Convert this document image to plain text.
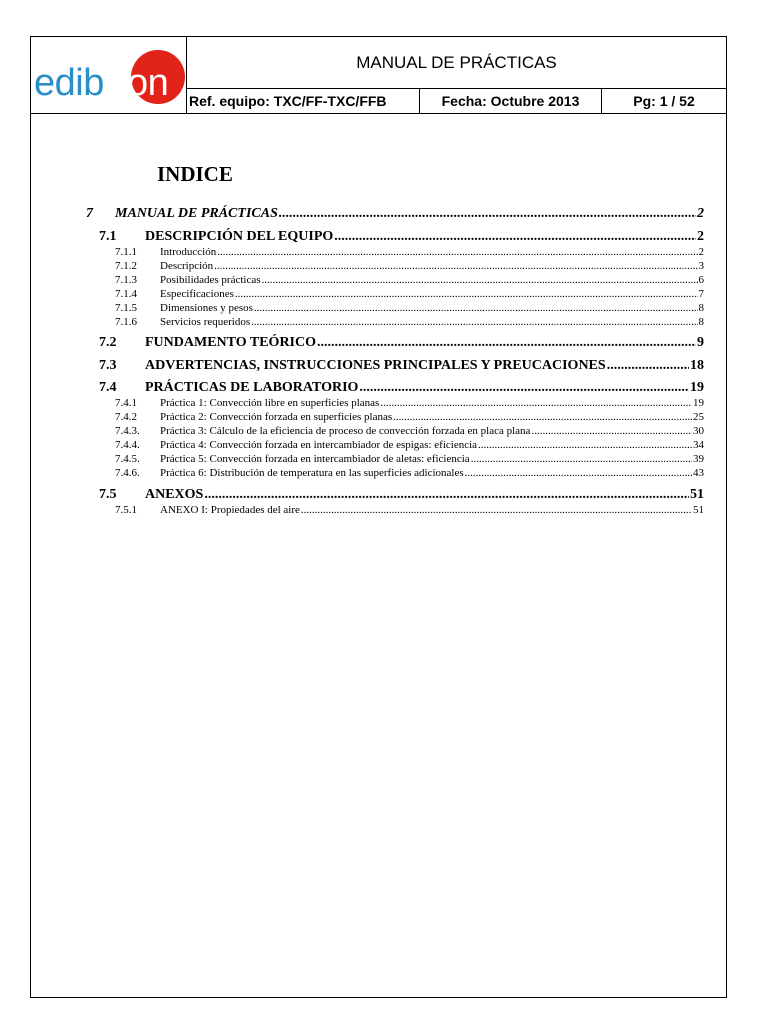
edib on	MANUAL DE PRÁCTICAS
Ref. equipo: TXC/FF-TXC/FFB	Fecha: Octubre 2013	Pg: 1 / 52
INDICE
7 MANUAL DE PRÁCTICAS .....	2
7.1 DESCRIPCIÓN DEL EQUIPO .....	2
7.1.1 Introducción .....	2
7.1.2 Descripción .....	3
7.1.3 Posibilidades prácticas .....	6
7.1.4 Especificaciones .....	7
7.1.5 Dimensiones y pesos .....	8
7.1.6 Servicios requeridos .....	8
7.2 FUNDAMENTO TEÓRICO .....	9
7.3 ADVERTENCIAS, INSTRUCCIONES PRINCIPALES Y PREUCACIONES .....	18
7.4 PRÁCTICAS DE LABORATORIO .....	19
7.4.1 Práctica 1: Convección libre en superficies planas .....	19
7.4.2 Práctica 2: Convección forzada en superficies planas .....	25
7.4.3. Práctica 3: Cálculo de la eficiencia de proceso de convección forzada en placa plana .....	30
7.4.4. Práctica 4: Convección forzada en intercambiador de espigas: eficiencia .....	34
7.4.5. Práctica 5: Convección forzada en intercambiador de aletas: eficiencia .....	39
7.4.6. Práctica 6: Distribución de temperatura en las superficies adicionales .....	43
7.5 ANEXOS .....	51
7.5.1 ANEXO I: Propiedades del aire .....	51
